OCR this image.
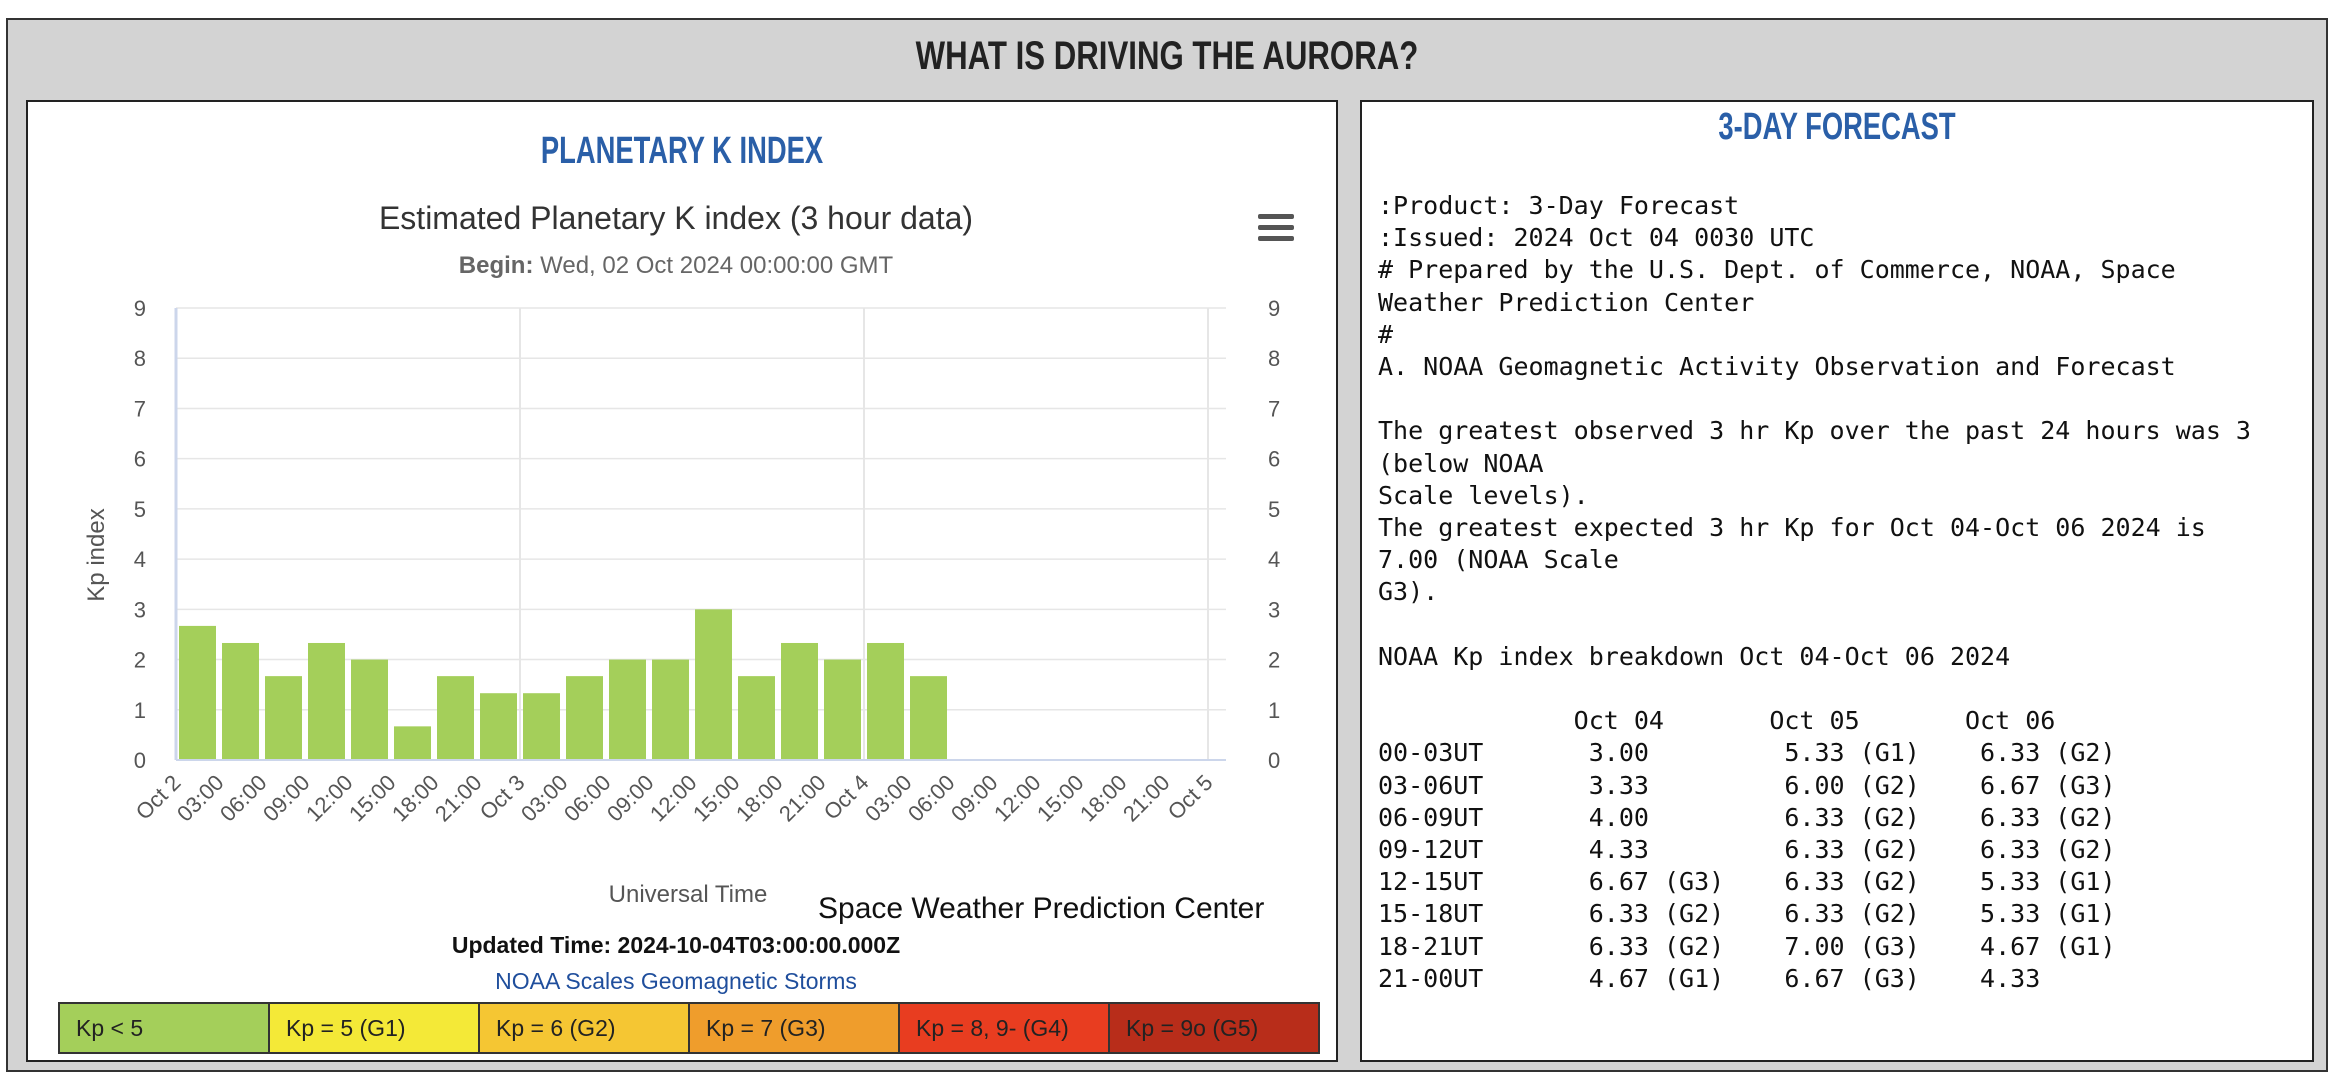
WHAT IS DRIVING THE AURORA?
PLANETARY K INDEX
Estimated Planetary K index (3 hour data)
Begin: Wed, 02 Oct 2024 00:00:00 GMT
0	0
1	1
2	2
3	3
4	4
5	5
6	6
7	7
8	8
9	9
Oct 2
03:00
06:00
09:00
12:00
15:00
18:00
21:00
Oct 3
03:00
06:00
09:00
12:00
15:00
18:00
21:00
Oct 4
03:00
06:00
09:00
12:00
15:00
18:00
21:00
Oct 5
Universal Time
Kp index
Space Weather Prediction Center
Updated Time: 2024-10-04T03:00:00.000Z
NOAA Scales Geomagnetic Storms
Kp < 5	Kp = 5 (G1)	Kp = 6 (G2)	Kp = 7 (G3)	Kp = 8, 9- (G4)	Kp = 9o (G5)
3-DAY FORECAST
:Product: 3-Day Forecast
:Issued: 2024 Oct 04 0030 UTC
# Prepared by the U.S. Dept. of Commerce, NOAA, Space
Weather Prediction Center
#
A. NOAA Geomagnetic Activity Observation and Forecast

The greatest observed 3 hr Kp over the past 24 hours was 3
(below NOAA
Scale levels).
The greatest expected 3 hr Kp for Oct 04-Oct 06 2024 is
7.00 (NOAA Scale
G3).

NOAA Kp index breakdown Oct 04-Oct 06 2024

Oct 04       Oct 05       Oct 06
00-03UT       3.00         5.33 (G1)    6.33 (G2)
03-06UT       3.33         6.00 (G2)    6.67 (G3)
06-09UT       4.00         6.33 (G2)    6.33 (G2)
09-12UT       4.33         6.33 (G2)    6.33 (G2)
12-15UT       6.67 (G3)    6.33 (G2)    5.33 (G1)
15-18UT       6.33 (G2)    6.33 (G2)    5.33 (G1)
18-21UT       6.33 (G2)    7.00 (G3)    4.67 (G1)
21-00UT       4.67 (G1)    6.67 (G3)    4.33
